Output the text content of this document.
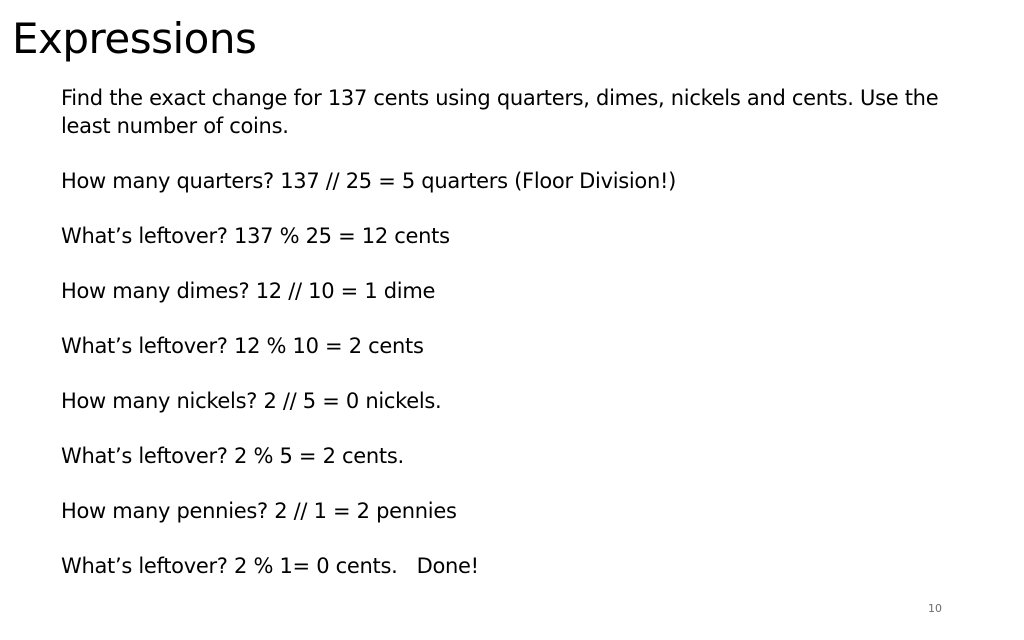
Expressions

Find the exact change for 137 cents using quarters, dimes, nickels and cents. Use the least number of coins.

How many quarters? 137 // 25 = 5 quarters (Floor Division!)

What’s leftover? 137 % 25 = 12 cents

How many dimes? 12 // 10 = 1 dime

What’s leftover? 12 % 10 = 2 cents

How many nickels? 2 // 5 = 0 nickels.

What’s leftover? 2 % 5 = 2 cents.

How many pennies? 2 // 1 = 2 pennies

What’s leftover? 2 % 1= 0 cents.   Done!

10
